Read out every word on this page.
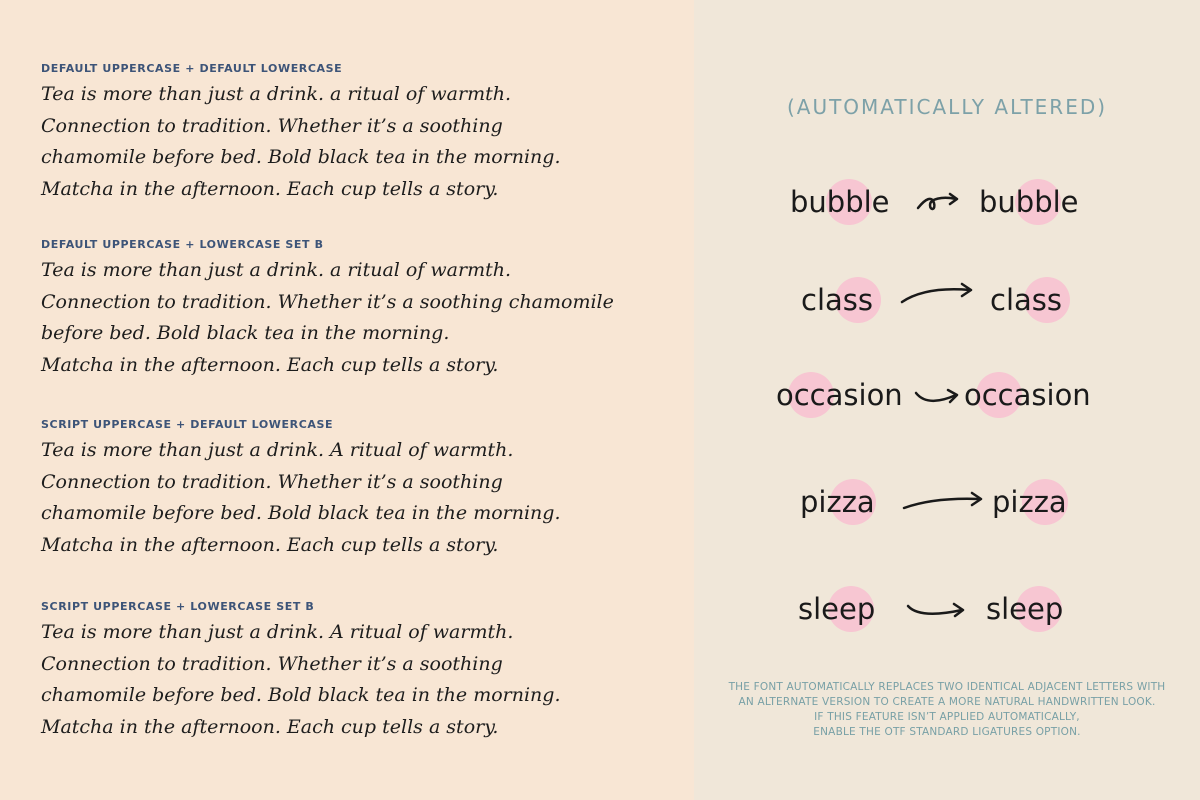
DEFAULT UPPERCASE + DEFAULT LOWERCASE
Tea is more than just a drink. a ritual of warmth.
Connection to tradition. Whether it’s a soothing
chamomile before bed. Bold black tea in the morning.
Matcha in the afternoon. Each cup tells a story.
DEFAULT UPPERCASE + LOWERCASE SET B
Tea is more than just a drink. a ritual of warmth.
Connection to tradition. Whether it’s a soothing chamomile
before bed. Bold black tea in the morning.
Matcha in the afternoon. Each cup tells a story.
SCRIPT UPPERCASE + DEFAULT LOWERCASE
Tea is more than just a drink. A ritual of warmth.
Connection to tradition. Whether it’s a soothing
chamomile before bed. Bold black tea in the morning.
Matcha in the afternoon. Each cup tells a story.
SCRIPT UPPERCASE + LOWERCASE SET B
Tea is more than just a drink. A ritual of warmth.
Connection to tradition. Whether it’s a soothing
chamomile before bed. Bold black tea in the morning.
Matcha in the afternoon. Each cup tells a story.
(AUTOMATICALLY ALTERED)
bubble	bubble
class	class
occasion occasion
pizza	pizza
sleep	sleep
THE FONT AUTOMATICALLY REPLACES TWO IDENTICAL ADJACENT LETTERS WITH
AN ALTERNATE VERSION TO CREATE A MORE NATURAL HANDWRITTEN LOOK.
IF THIS FEATURE ISN’T APPLIED AUTOMATICALLY,
ENABLE THE OTF STANDARD LIGATURES OPTION.
